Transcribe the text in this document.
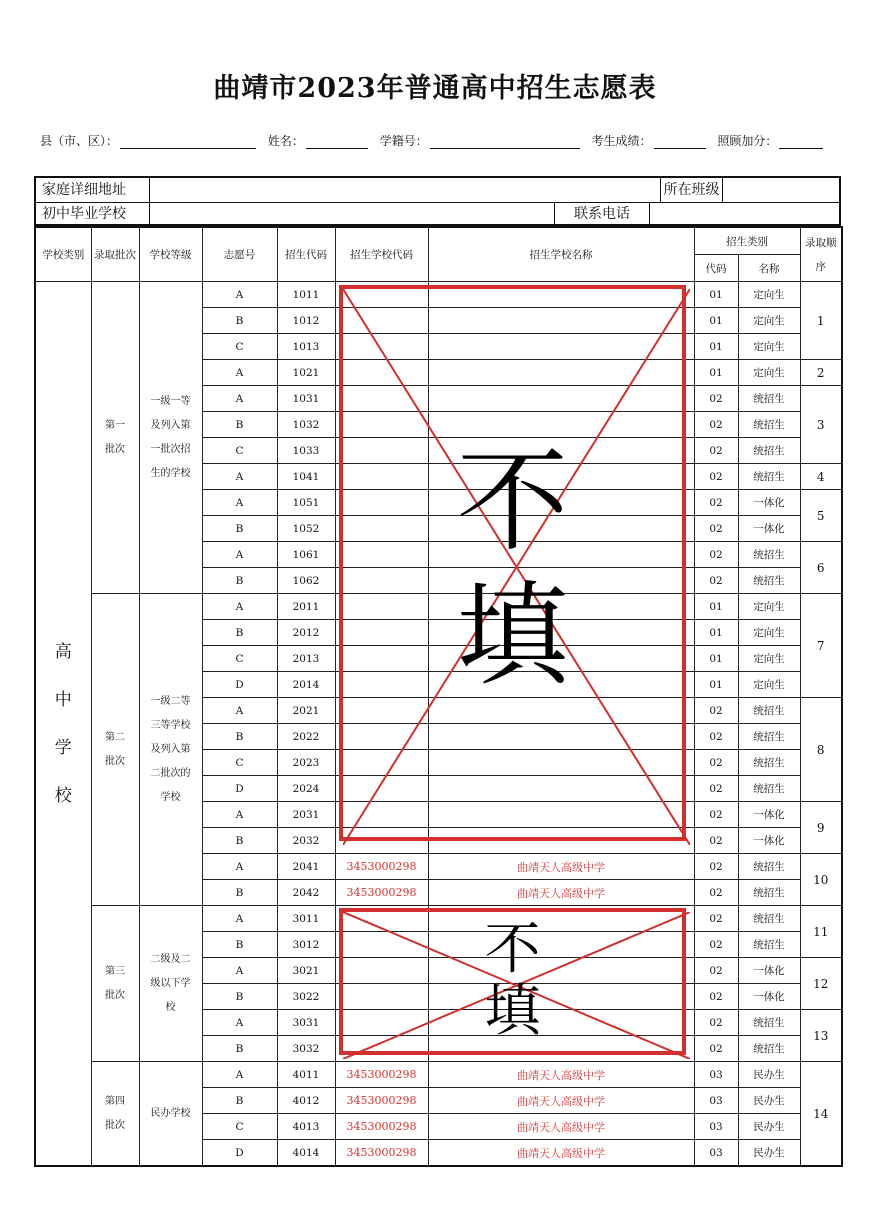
曲靖市2023年普通高中招生志愿表
县（市、区）：	姓名：	学籍号：	考生成绩：	照顾加分：
家庭详细地址	所在班级
初中毕业学校	联系电话
学校类别	录取批次	学校等级	志愿号	招生代码	招生学校代码	招生学校名称	招生类别		录取顺序
							代码	名称	
高中学校	第一批次	一级一等及列入第一批次招生的学校	A	1011			01	定向生	1
			B	1012			01	定向生	
			C	1013			01	定向生	
			A	1021			01	定向生	2
			A	1031			02	统招生	3
			B	1032			02	统招生	
			C	1033			02	统招生	
			A	1041			02	统招生	4
			A	1051			02	一体化	5
			B	1052			02	一体化	
			A	1061			02	统招生	6
			B	1062			02	统招生	
	第二批次	一级二等三等学校及列入第二批次的学校	A	2011			01	定向生	7
			B	2012			01	定向生	
			C	2013			01	定向生	
			D	2014			01	定向生	
			A	2021			02	统招生	8
			B	2022			02	统招生	
			C	2023			02	统招生	
			D	2024			02	统招生	
			A	2031			02	一体化	9
			B	2032			02	一体化	
			A	2041	3453000298	曲靖天人高级中学	02	统招生	10
			B	2042	3453000298	曲靖天人高级中学	02	统招生	
	第三批次	二级及二级以下学校	A	3011			02	统招生	11
			B	3012			02	统招生	
			A	3021			02	一体化	12
			B	3022			02	一体化	
			A	3031			02	统招生	13
			B	3032			02	统招生	
	第四批次	民办学校	A	4011	3453000298	曲靖天人高级中学	03	民办生	14
			B	4012	3453000298	曲靖天人高级中学	03	民办生	
			C	4013	3453000298	曲靖天人高级中学	03	民办生	
			D	4014	3453000298	曲靖天人高级中学	03	民办生	
不
填
不
填
